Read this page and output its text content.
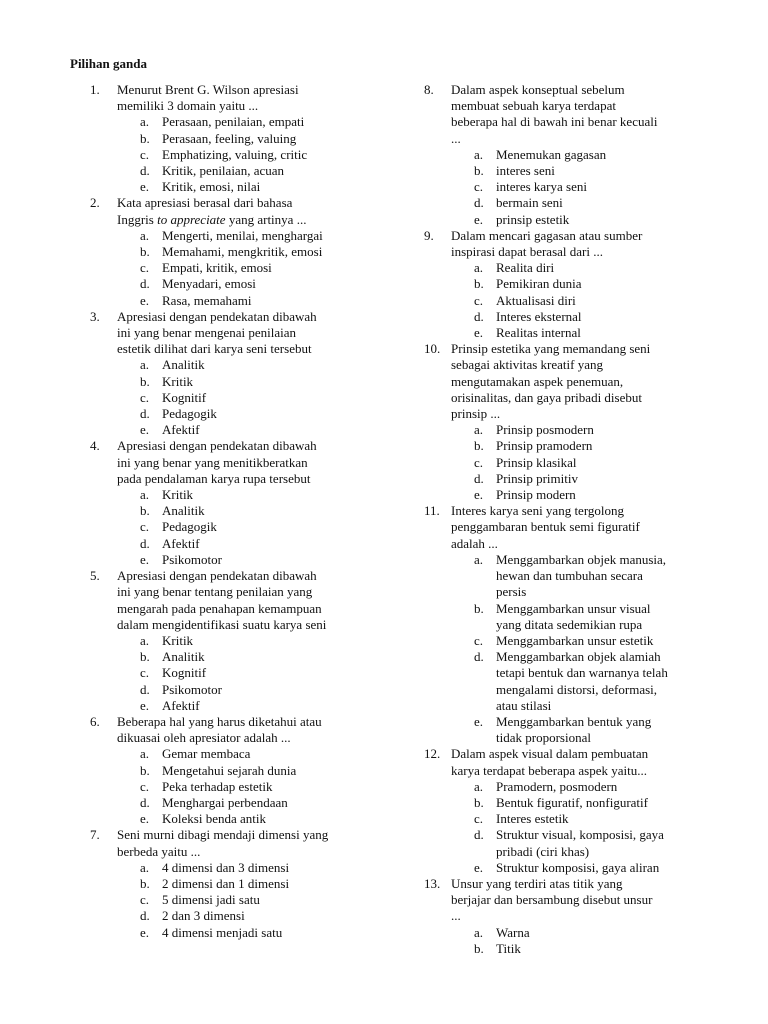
Pilihan ganda
1. Menurut Brent G. Wilson apresiasi
memiliki 3 domain yaitu ...
a. Perasaan, penilaian, empati
b. Perasaan, feeling, valuing
c. Emphatizing, valuing, critic
d. Kritik, penilaian, acuan
e. Kritik, emosi, nilai
2. Kata apresiasi berasal dari bahasa
Inggris to appreciate yang artinya ...
a. Mengerti, menilai, menghargai
b. Memahami, mengkritik, emosi
c. Empati, kritik, emosi
d. Menyadari, emosi
e. Rasa, memahami
3. Apresiasi dengan pendekatan dibawah
ini yang benar mengenai penilaian
estetik dilihat dari karya seni tersebut
a. Analitik
b. Kritik
c. Kognitif
d. Pedagogik
e. Afektif
4. Apresiasi dengan pendekatan dibawah
ini yang benar yang menitikberatkan
pada pendalaman karya rupa tersebut
a. Kritik
b. Analitik
c. Pedagogik
d. Afektif
e. Psikomotor
5. Apresiasi dengan pendekatan dibawah
ini yang benar tentang penilaian yang
mengarah pada penahapan kemampuan
dalam mengidentifikasi suatu karya seni
a. Kritik
b. Analitik
c. Kognitif
d. Psikomotor
e. Afektif
6. Beberapa hal yang harus diketahui atau
dikuasai oleh apresiator adalah ...
a. Gemar membaca
b. Mengetahui sejarah dunia
c. Peka terhadap estetik
d. Menghargai perbendaan
e. Koleksi benda antik
7. Seni murni dibagi mendaji dimensi yang
berbeda yaitu ...
a. 4 dimensi dan 3 dimensi
b. 2 dimensi dan 1 dimensi
c. 5 dimensi jadi satu
d. 2 dan 3 dimensi
e. 4 dimensi menjadi satu
8. Dalam aspek konseptual sebelum
membuat sebuah karya terdapat
beberapa hal di bawah ini benar kecuali
...
a. Menemukan gagasan
b. interes seni
c. interes karya seni
d. bermain seni
e. prinsip estetik
9. Dalam mencari gagasan atau sumber
inspirasi dapat berasal dari ...
a. Realita diri
b. Pemikiran dunia
c. Aktualisasi diri
d. Interes eksternal
e. Realitas internal
10. Prinsip estetika yang memandang seni
sebagai aktivitas kreatif yang
mengutamakan aspek penemuan,
orisinalitas, dan gaya pribadi disebut
prinsip ...
a. Prinsip posmodern
b. Prinsip pramodern
c. Prinsip klasikal
d. Prinsip primitiv
e. Prinsip modern
11. Interes karya seni yang tergolong
penggambaran bentuk semi figuratif
adalah ...
a. Menggambarkan objek manusia,
hewan dan tumbuhan secara
persis
b. Menggambarkan unsur visual
yang ditata sedemikian rupa
c. Menggambarkan unsur estetik
d. Menggambarkan objek alamiah
tetapi bentuk dan warnanya telah
mengalami distorsi, deformasi,
atau stilasi
e. Menggambarkan bentuk yang
tidak proporsional
12. Dalam aspek visual dalam pembuatan
karya terdapat beberapa aspek yaitu...
a. Pramodern, posmodern
b. Bentuk figuratif, nonfiguratif
c. Interes estetik
d. Struktur visual, komposisi, gaya
pribadi (ciri khas)
e. Struktur komposisi, gaya aliran
13. Unsur yang terdiri atas titik yang
berjajar dan bersambung disebut unsur
...
a. Warna
b. Titik
